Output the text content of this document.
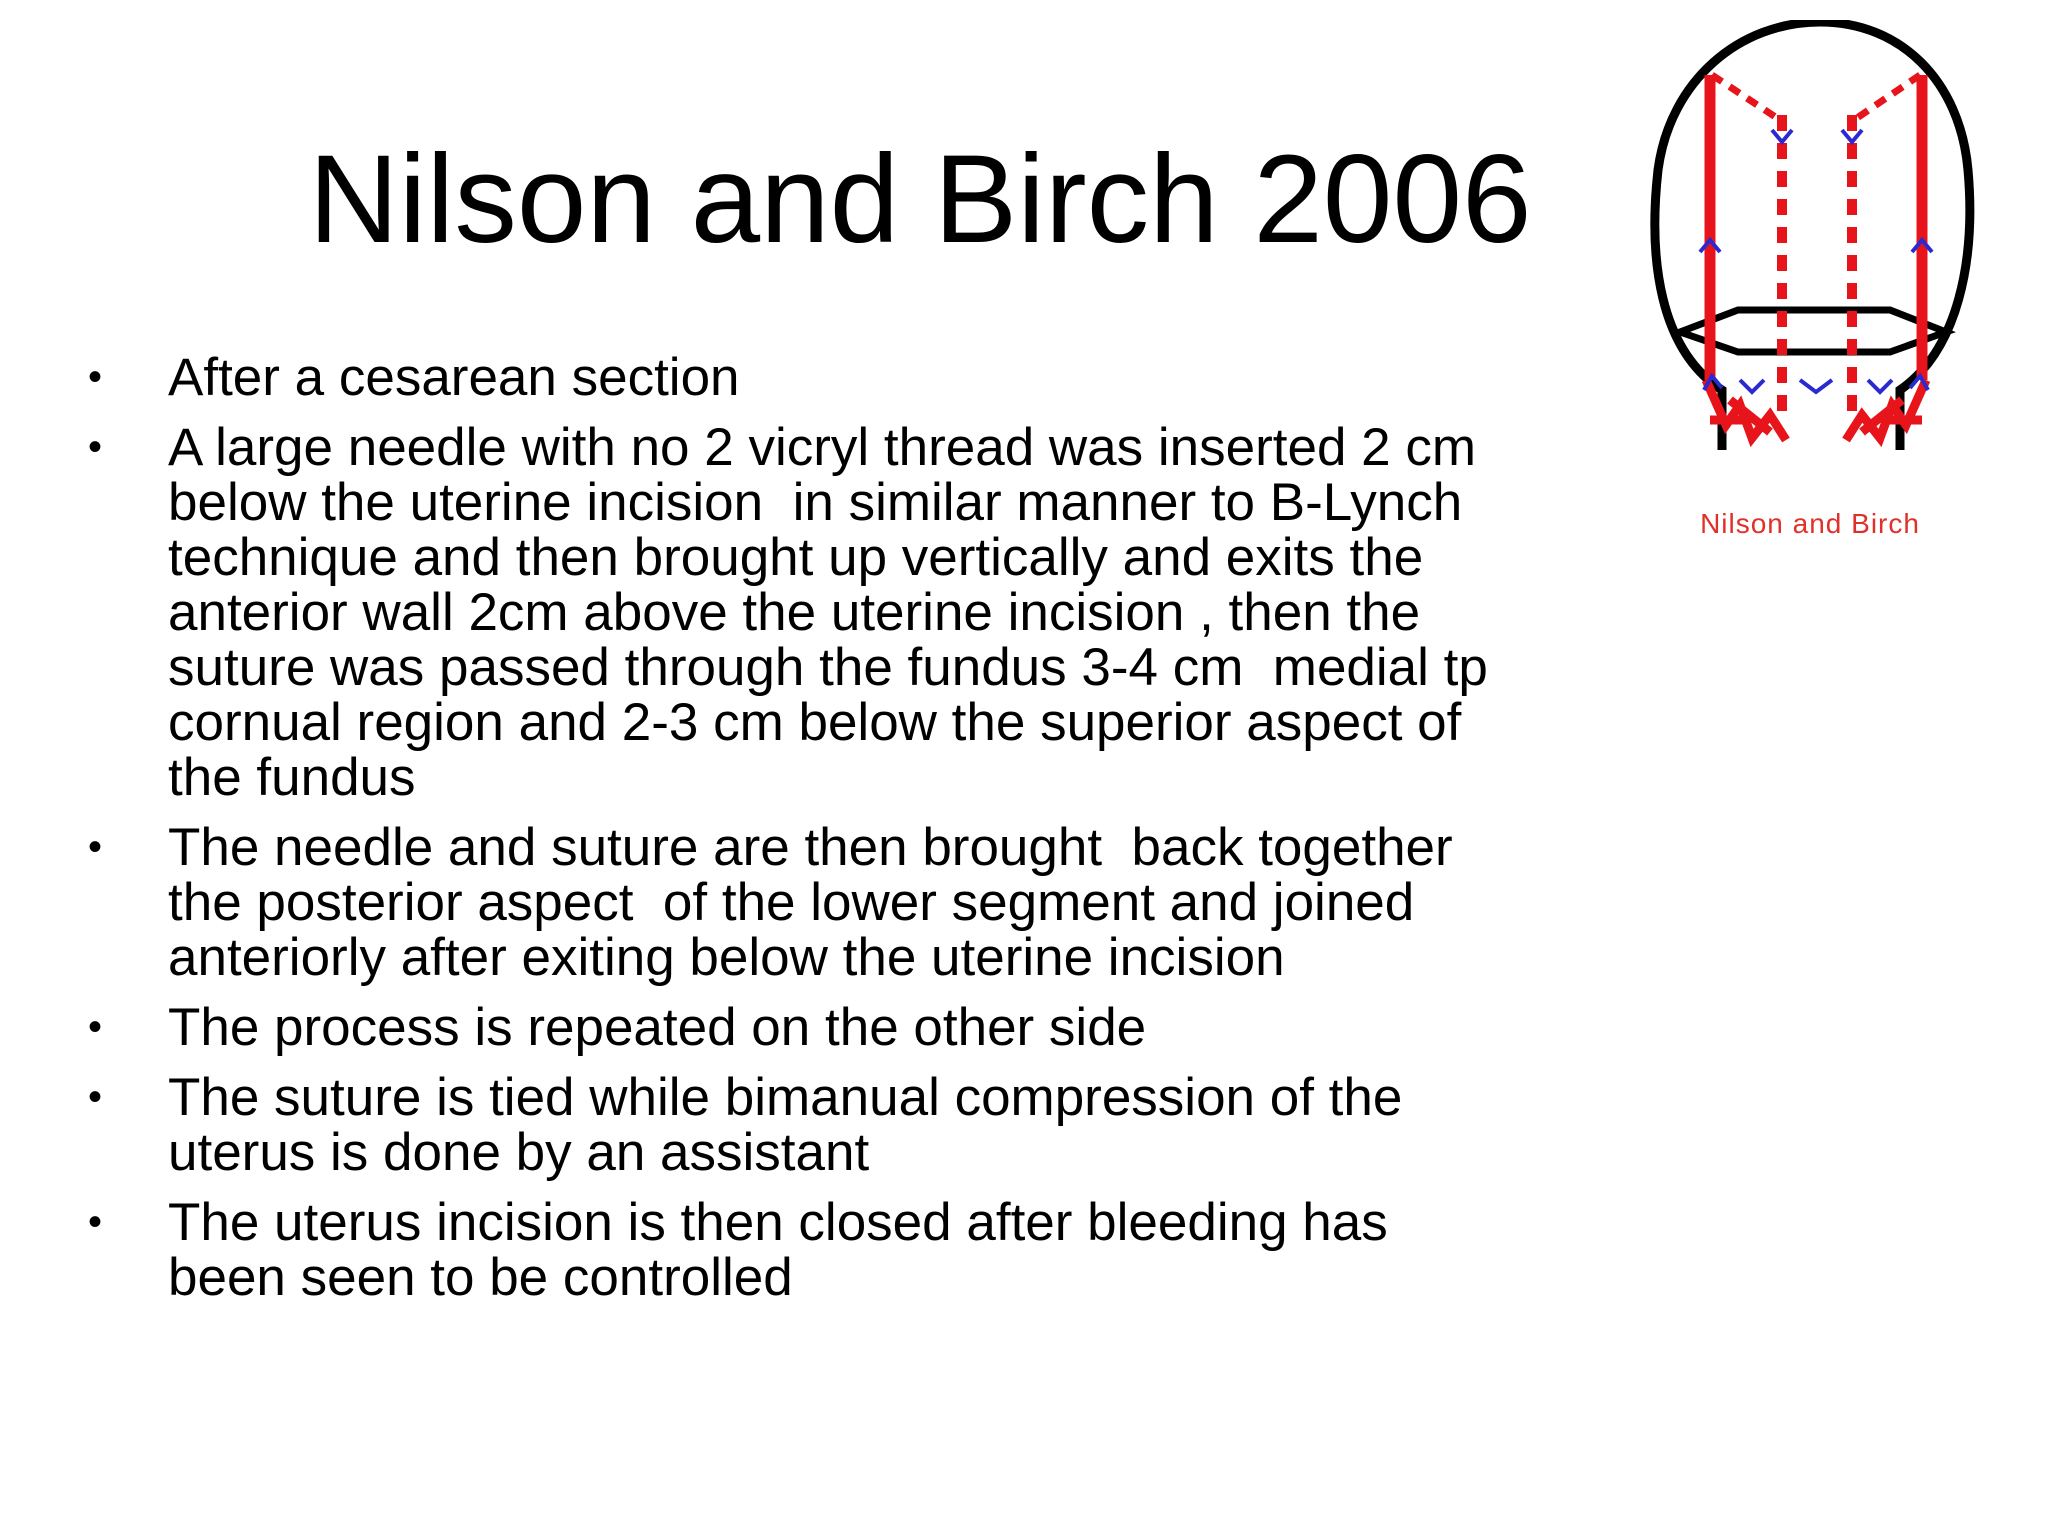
Nilson and Birch 2006
• After a cesarean section
• A large needle with no 2 vicryl thread was inserted 2 cm
below the uterine incision  in similar manner to B-Lynch
technique and then brought up vertically and exits the
anterior wall 2cm above the uterine incision , then the
suture was passed through the fundus 3-4 cm  medial tp
cornual region and 2-3 cm below the superior aspect of
the fundus
• The needle and suture are then brought  back together
the posterior aspect  of the lower segment and joined
anteriorly after exiting below the uterine incision
• The process is repeated on the other side
• The suture is tied while bimanual compression of the
uterus is done by an assistant
• The uterus incision is then closed after bleeding has
been seen to be controlled
Nilson and Birch
